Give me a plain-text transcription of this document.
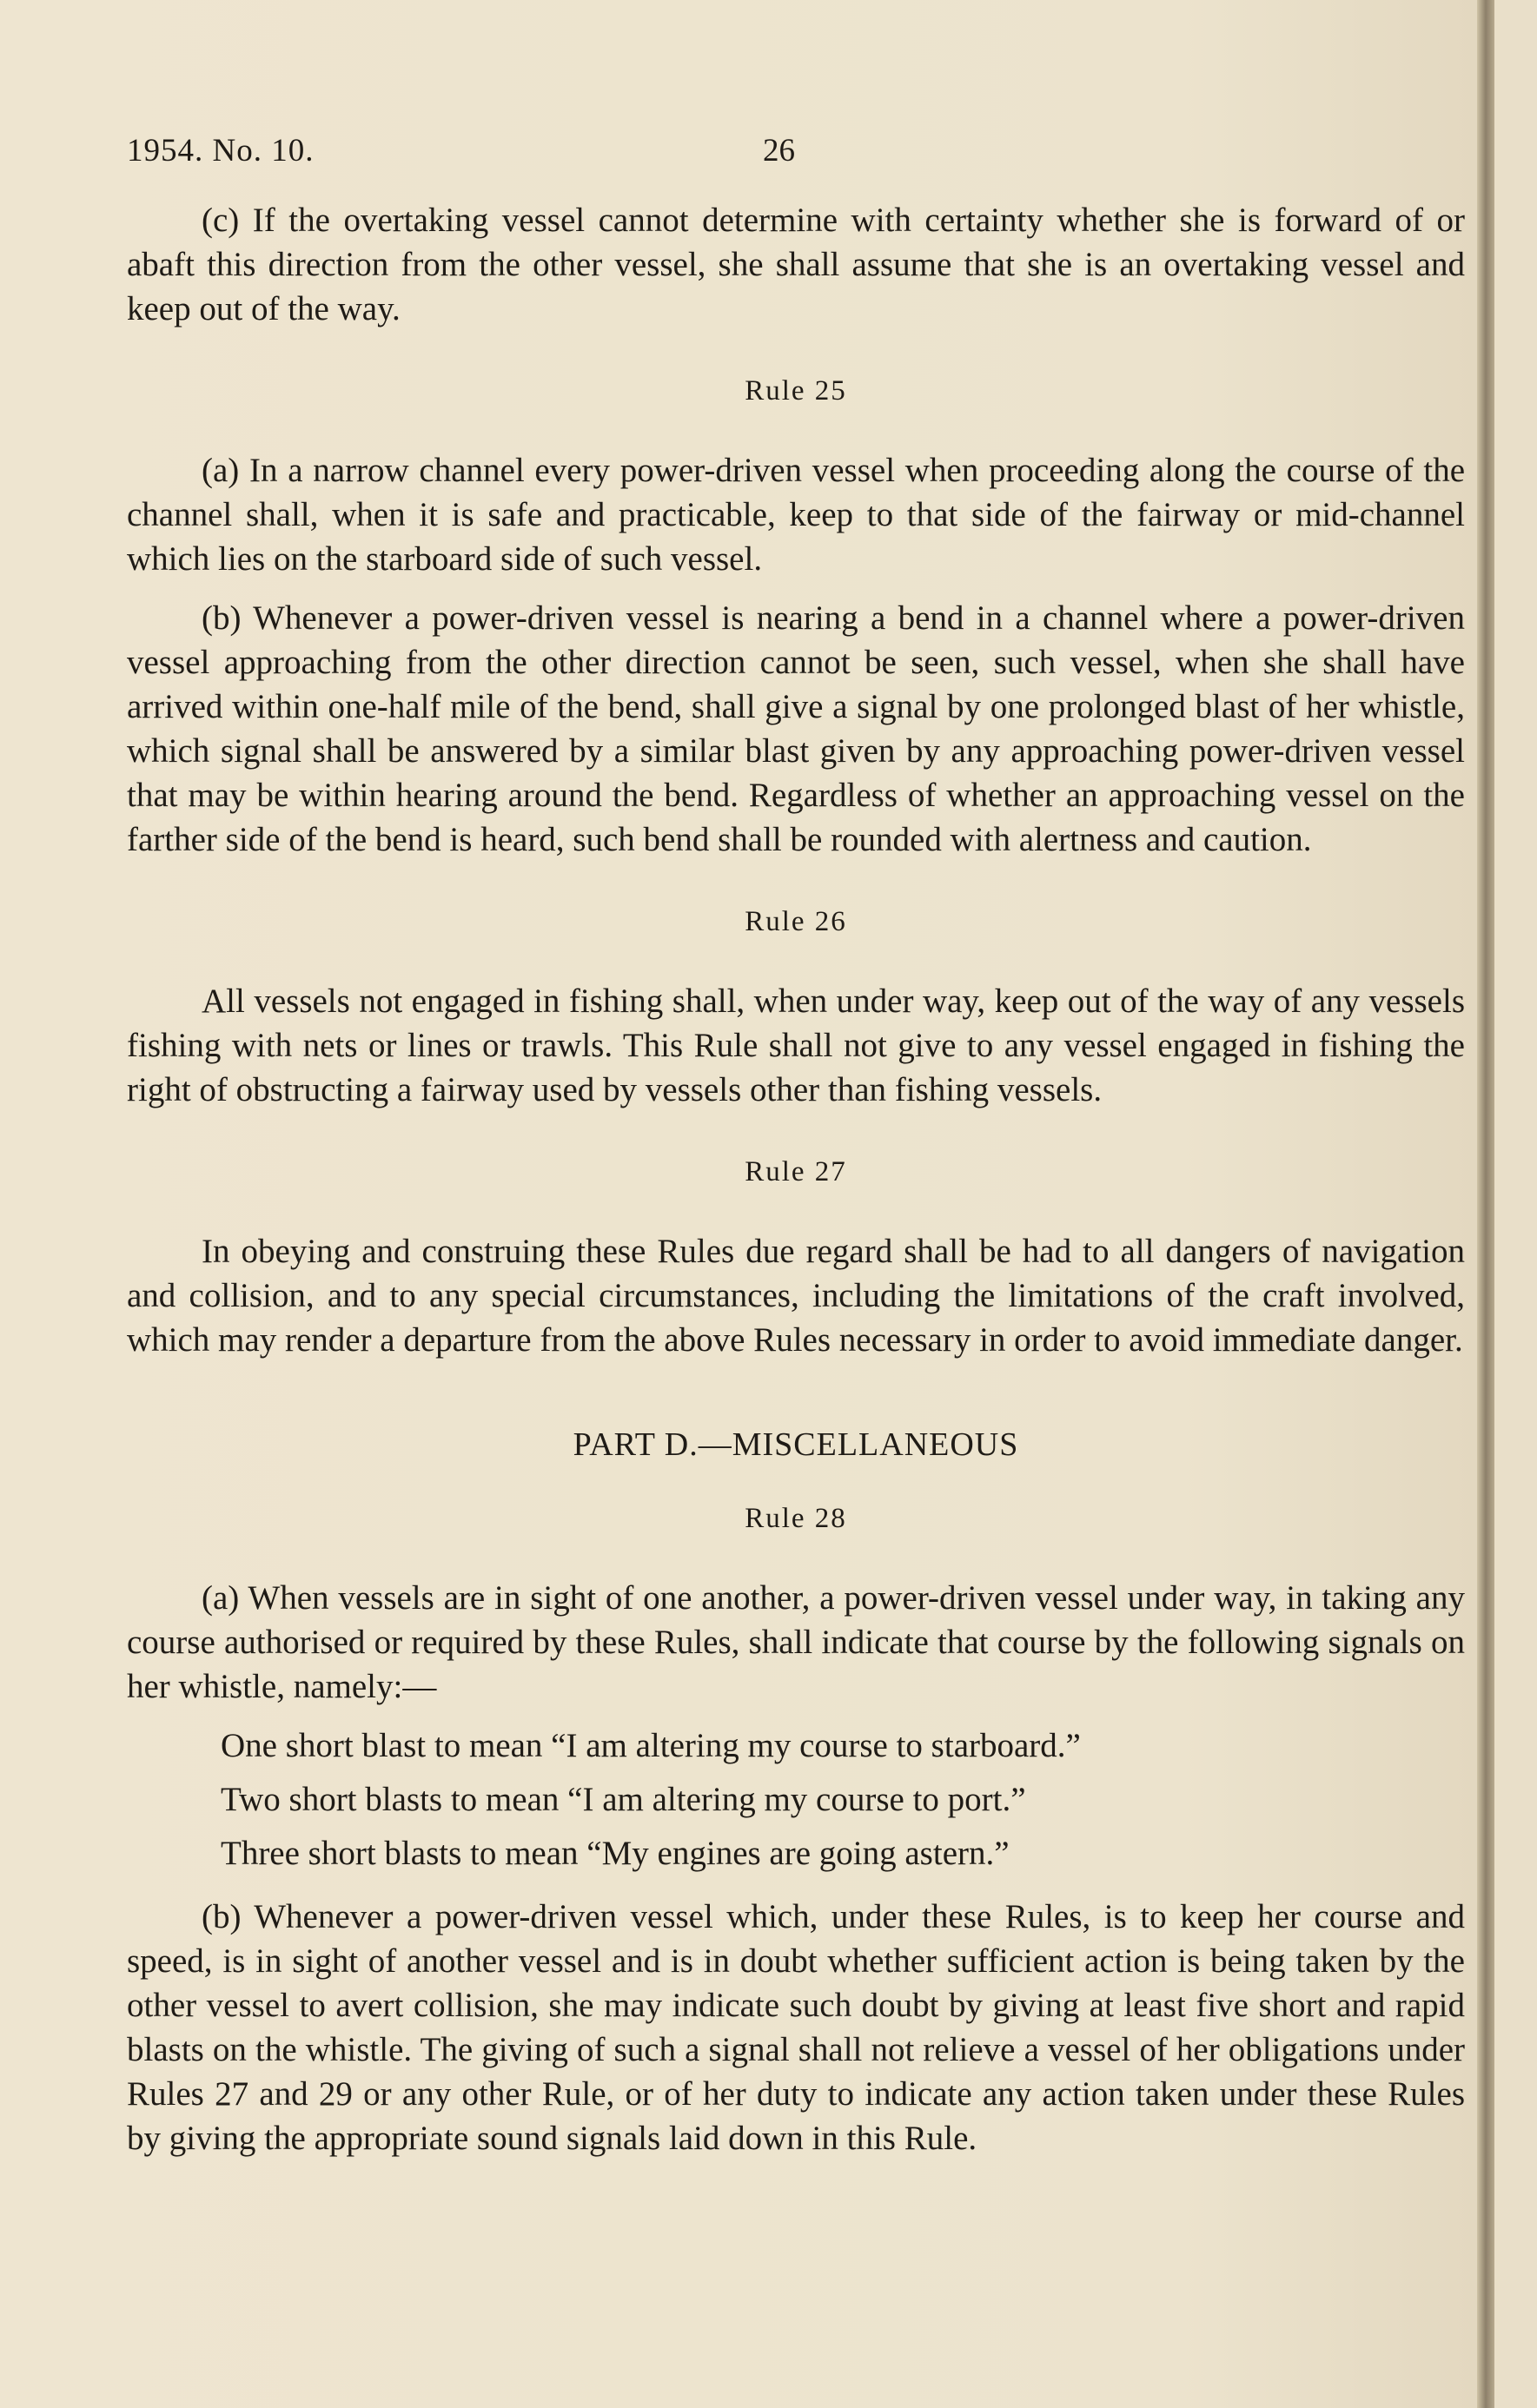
1954. No. 10.	26

(c) If the overtaking vessel cannot determine with certainty whether she is forward of or abaft this direction from the other vessel, she shall assume that she is an overtaking vessel and keep out of the way.

Rule 25

(a) In a narrow channel every power-driven vessel when proceeding along the course of the channel shall, when it is safe and practicable, keep to that side of the fairway or mid-channel which lies on the starboard side of such vessel.

(b) Whenever a power-driven vessel is nearing a bend in a channel where a power-driven vessel approaching from the other direction cannot be seen, such vessel, when she shall have arrived within one-half mile of the bend, shall give a signal by one prolonged blast of her whistle, which signal shall be answered by a similar blast given by any approaching power-driven vessel that may be within hearing around the bend. Regardless of whether an approaching vessel on the farther side of the bend is heard, such bend shall be rounded with alertness and caution.

Rule 26

All vessels not engaged in fishing shall, when under way, keep out of the way of any vessels fishing with nets or lines or trawls. This Rule shall not give to any vessel engaged in fishing the right of obstructing a fairway used by vessels other than fishing vessels.

Rule 27

In obeying and construing these Rules due regard shall be had to all dangers of navigation and collision, and to any special circumstances, including the limitations of the craft involved, which may render a departure from the above Rules necessary in order to avoid immediate danger.

PART D.—MISCELLANEOUS
Rule 28

(a) When vessels are in sight of one another, a power-driven vessel under way, in taking any course authorised or required by these Rules, shall indicate that course by the following signals on her whistle, namely:—

One short blast to mean “I am altering my course to starboard.”
Two short blasts to mean “I am altering my course to port.”
Three short blasts to mean “My engines are going astern.”

(b) Whenever a power-driven vessel which, under these Rules, is to keep her course and speed, is in sight of another vessel and is in doubt whether sufficient action is being taken by the other vessel to avert collision, she may indicate such doubt by giving at least five short and rapid blasts on the whistle. The giving of such a signal shall not relieve a vessel of her obligations under Rules 27 and 29 or any other Rule, or of her duty to indicate any action taken under these Rules by giving the appropriate sound signals laid down in this Rule.
